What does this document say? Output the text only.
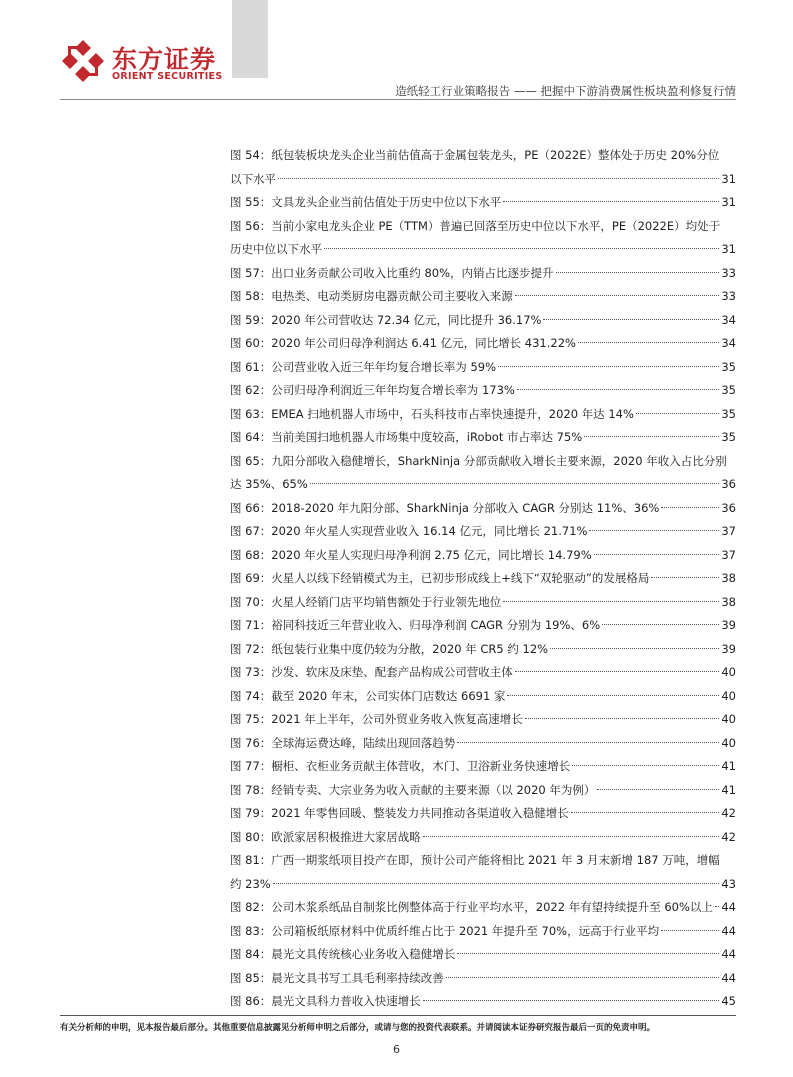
东方证券
ORIENT SECURITIES
造纸轻工行业策略报告 —— 把握中下游消费属性板块盈利修复行情
图 54：纸包装板块龙头企业当前估值高于金属包装龙头，PE（2022E）整体处于历史 20%分位
以下水平	31
图 55：文具龙头企业当前估值处于历史中位以下水平	31
图 56：当前小家电龙头企业 PE（TTM）普遍已回落至历史中位以下水平，PE（2022E）均处于
历史中位以下水平	31
图 57：出口业务贡献公司收入比重约 80%，内销占比逐步提升	33
图 58：电热类、电动类厨房电器贡献公司主要收入来源	33
图 59：2020 年公司营收达 72.34 亿元，同比提升 36.17%	34
图 60：2020 年公司归母净利润达 6.41 亿元，同比增长 431.22%	34
图 61：公司营业收入近三年年均复合增长率为 59%	35
图 62：公司归母净利润近三年年均复合增长率为 173%	35
图 63：EMEA 扫地机器人市场中，石头科技市占率快速提升，2020 年达 14%	35
图 64：当前美国扫地机器人市场集中度较高，iRobot 市占率达 75%	35
图 65：九阳分部收入稳健增长，SharkNinja 分部贡献收入增长主要来源，2020 年收入占比分别
达 35%、65%	36
图 66：2018-2020 年九阳分部、SharkNinja 分部收入 CAGR 分别达 11%、36%	36
图 67：2020 年火星人实现营业收入 16.14 亿元，同比增长 21.71%	37
图 68：2020 年火星人实现归母净利润 2.75 亿元，同比增长 14.79%	37
图 69：火星人以线下经销模式为主，已初步形成线上+线下“双轮驱动”的发展格局	38
图 70：火星人经销门店平均销售额处于行业领先地位	38
图 71：裕同科技近三年营业收入、归母净利润 CAGR 分别为 19%、6%	39
图 72：纸包装行业集中度仍较为分散，2020 年 CR5 约 12%	39
图 73：沙发、软床及床垫、配套产品构成公司营收主体	40
图 74：截至 2020 年末，公司实体门店数达 6691 家	40
图 75：2021 年上半年，公司外贸业务收入恢复高速增长	40
图 76：全球海运费达峰，陆续出现回落趋势	40
图 77：橱柜、衣柜业务贡献主体营收，木门、卫浴新业务快速增长	41
图 78：经销专卖、大宗业务为收入贡献的主要来源（以 2020 年为例）	41
图 79：2021 年零售回暖、整装发力共同推动各渠道收入稳健增长	42
图 80：欧派家居积极推进大家居战略	42
图 81：广西一期浆纸项目投产在即，预计公司产能将相比 2021 年 3 月末新增 187 万吨，增幅
约 23%	43
图 82：公司木浆系纸品自制浆比例整体高于行业平均水平，2022 年有望持续提升至 60%以上 44
图 83：公司箱板纸原材料中优质纤维占比于 2021 年提升至 70%，远高于行业平均	44
图 84：晨光文具传统核心业务收入稳健增长	44
图 85：晨光文具书写工具毛利率持续改善	44
图 86：晨光文具科力普收入快速增长	45
有关分析师的申明，见本报告最后部分。其他重要信息披露见分析师申明之后部分，或请与您的投资代表联系。并请阅读本证券研究报告最后一页的免责申明。
6
